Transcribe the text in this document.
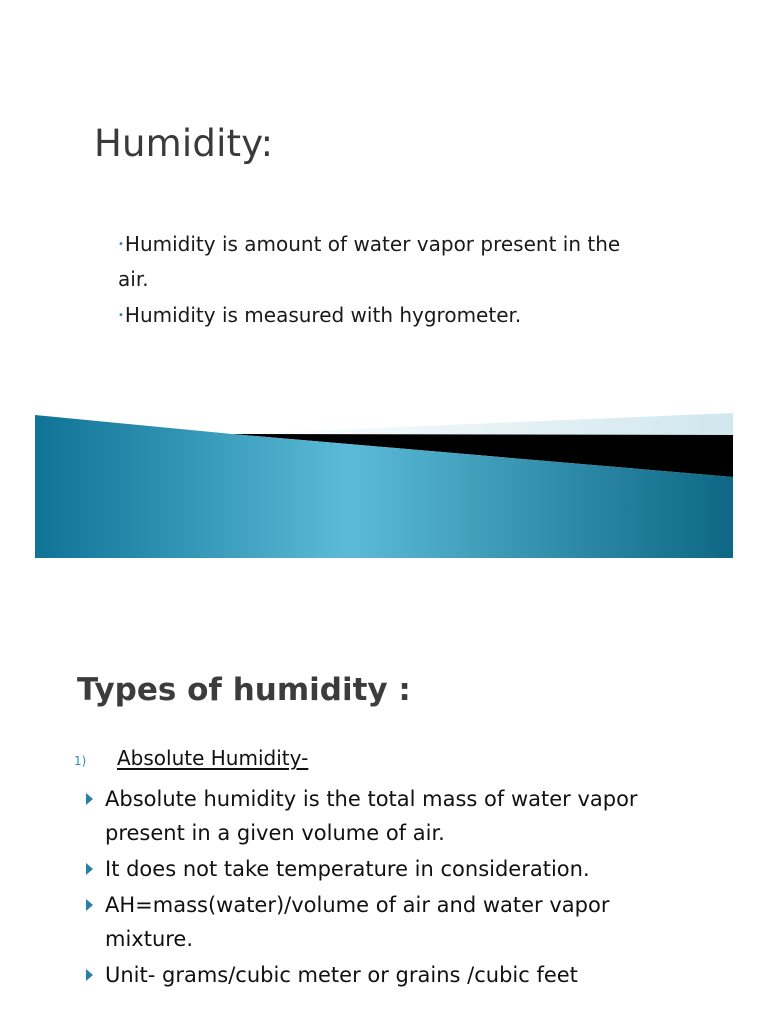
Humidity:
•Humidity is amount of water vapor present in the air.
•Humidity is measured with hygrometer.
Types of humidity :
1)	Absolute Humidity-
Absolute humidity is the total mass of water vapor present in a given volume of air.
It does not take temperature in consideration.
AH=mass(water)/volume of air and water vapor mixture.
Unit- grams/cubic meter or grains /cubic feet
